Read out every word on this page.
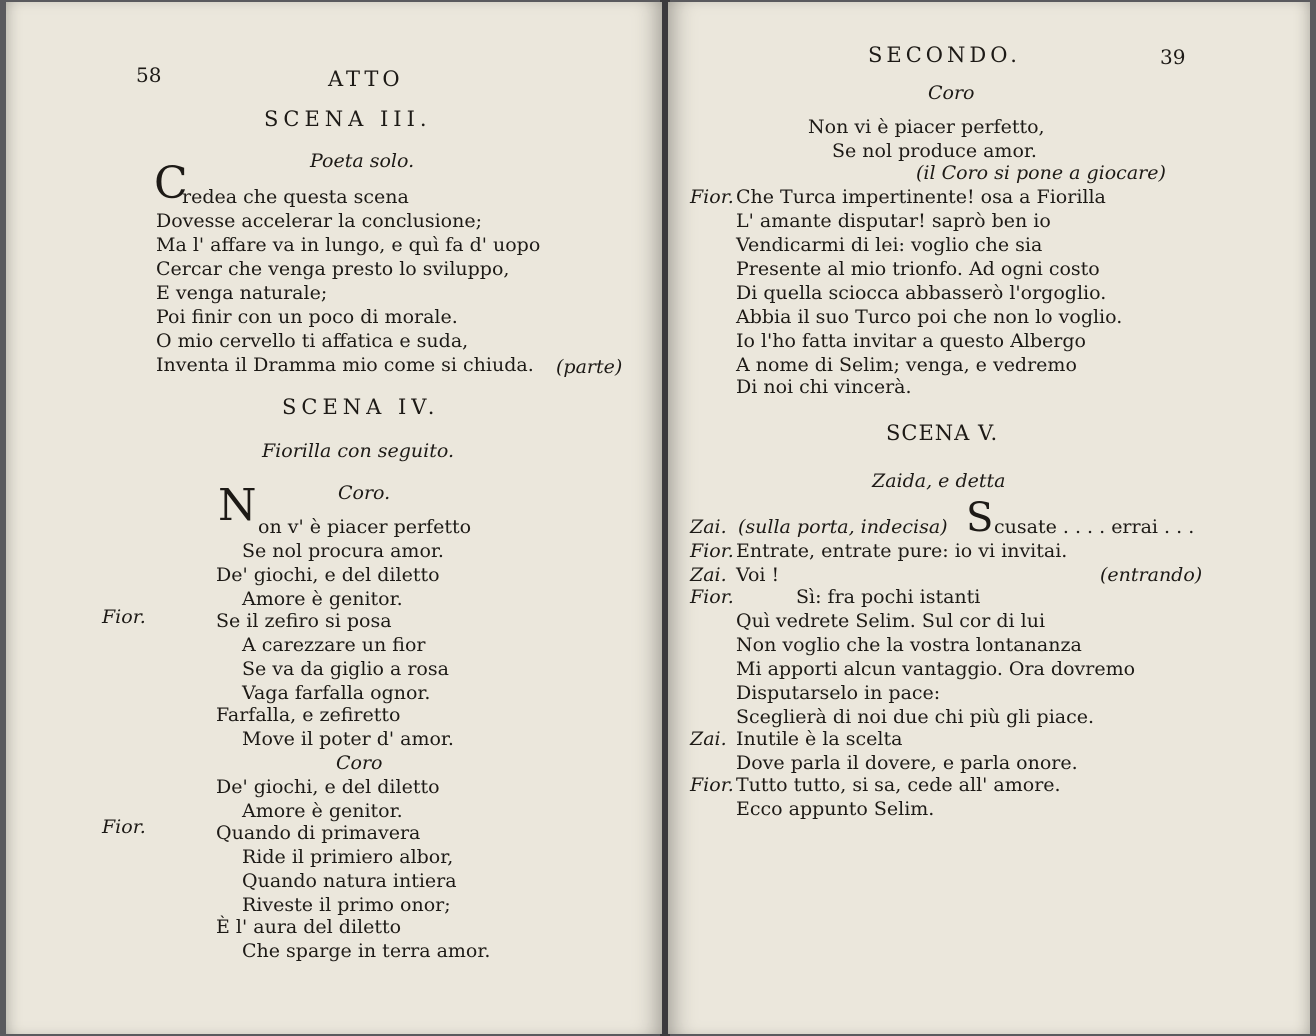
58	ATTO
SCENA III.
Poeta solo.
C
redea che questa scena
Dovesse accelerar la conclusione;
Ma l' affare va in lungo, e quì fa d' uopo
Cercar che venga presto lo sviluppo,
E venga naturale;
Poi finir con un poco di morale.
O mio cervello ti affatica e suda,
Inventa il Dramma mio come si chiuda. (parte)
SCENA IV.
Fiorilla con seguito.
Coro.
N on v' è piacer perfetto
Se nol procura amor.
De' giochi, e del diletto
Amore è genitor.
Fior.	Se il zefiro si posa
A carezzare un fior
Se va da giglio a rosa
Vaga farfalla ognor.
Farfalla, e zefiretto
Move il poter d' amor.
Coro
De' giochi, e del diletto
Amore è genitor.
Fior.	Quando di primavera
Ride il primiero albor,
Quando natura intiera
Riveste il primo onor;
È l' aura del diletto
Che sparge in terra amor.
SECONDO.	39
Coro
Non vi è piacer perfetto,
Se nol produce amor.
(il Coro si pone a giocare)
Fior. Che Turca impertinente! osa a Fiorilla
L' amante disputar! saprò ben io
Vendicarmi di lei: voglio che sia
Presente al mio trionfo. Ad ogni costo
Di quella sciocca abbasserò l'orgoglio.
Abbia il suo Turco poi che non lo voglio.
Io l'ho fatta invitar a questo Albergo
A nome di Selim; venga, e vedremo
Di noi chi vincerà.
SCENA V.
Zaida, e detta
Zai. (sulla porta, indecisa) S cusate . . . . errai . . .
Fior. Entrate, entrate pure: io vi invitai.
Zai. Voi !	(entrando)
Fior.	Sì: fra pochi istanti
Quì vedrete Selim. Sul cor di lui
Non voglio che la vostra lontananza
Mi apporti alcun vantaggio. Ora dovremo
Disputarselo in pace:
Sceglierà di noi due chi più gli piace.
Zai. Inutile è la scelta
Dove parla il dovere, e parla onore.
Fior. Tutto tutto, si sa, cede all' amore.
Ecco appunto Selim.
